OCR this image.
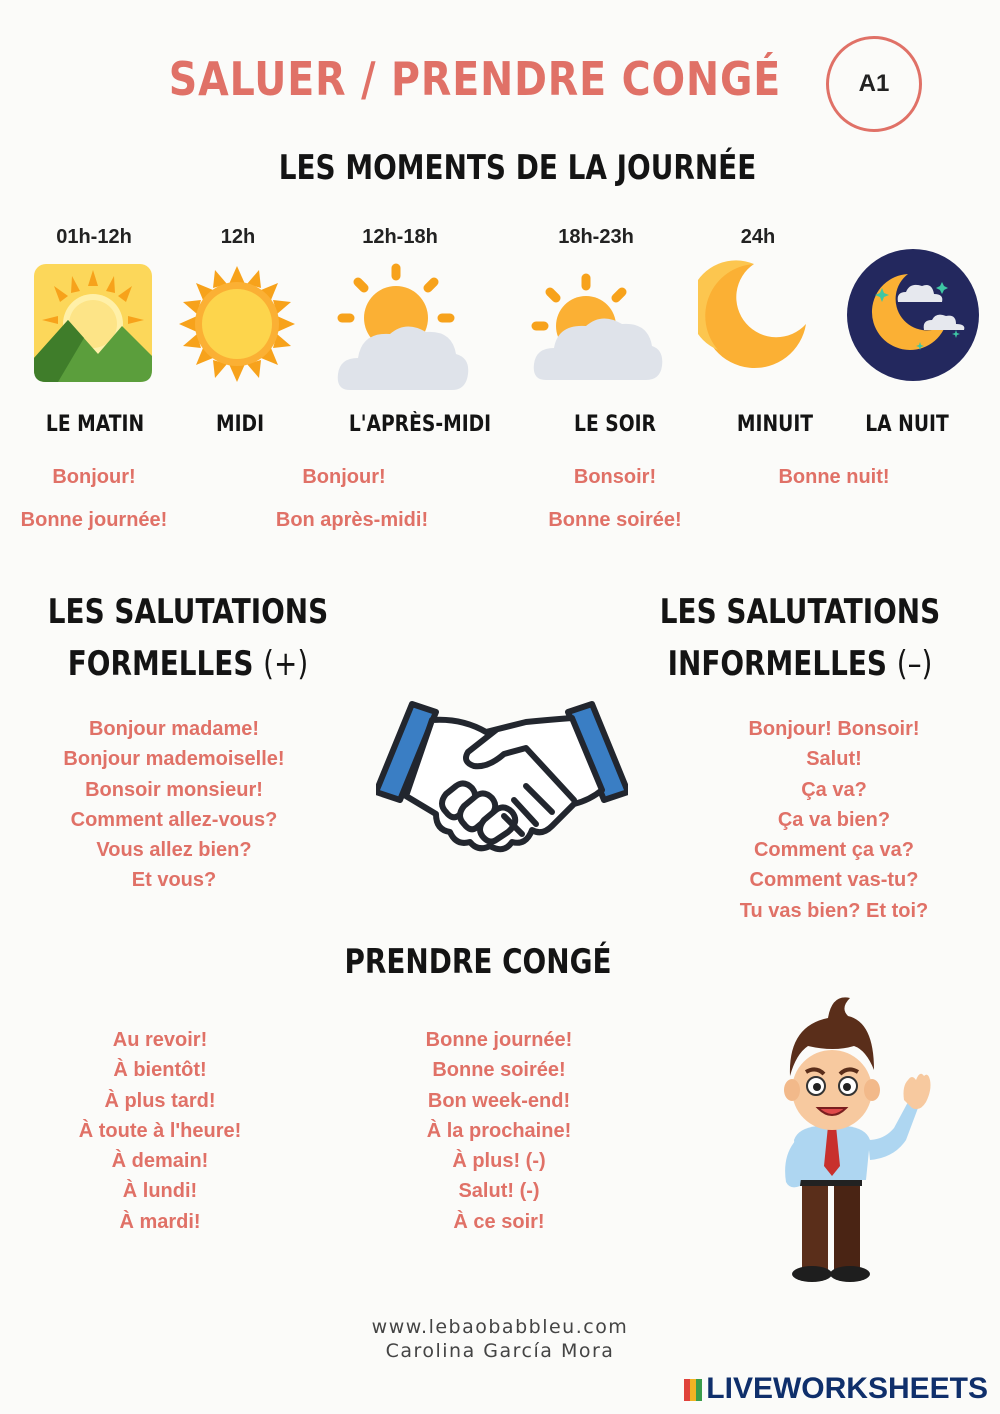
SALUER / PRENDRE CONGÉ	A1
LES MOMENTS DE LA JOURNÉE
01h-12h	12h	12h-18h	18h-23h	24h
LE MATIN	MIDI	L'APRÈS-MIDI	LE SOIR	MINUIT	LA NUIT
Bonjour!
Bonne journée!
Bonjour!
Bon après-midi!
Bonsoir!
Bonne soirée!
Bonne nuit!
LES SALUTATIONS
FORMELLES (+)
Bonjour madame!
Bonjour mademoiselle!
Bonsoir monsieur!
Comment allez-vous?
Vous allez bien?
Et vous?
LES SALUTATIONS
INFORMELLES (–)
Bonjour! Bonsoir!
Salut!
Ça va?
Ça va bien?
Comment ça va?
Comment vas-tu?
Tu vas bien? Et toi?
PRENDRE CONGÉ
Au revoir!
À bientôt!
À plus tard!
À toute à l'heure!
À demain!
À lundi!
À mardi!
Bonne journée!
Bonne soirée!
Bon week-end!
À la prochaine!
À plus! (-)
Salut! (-)
À ce soir!
www.lebaobabbleu.com
Carolina García Mora
LIVEWORKSHEETS
